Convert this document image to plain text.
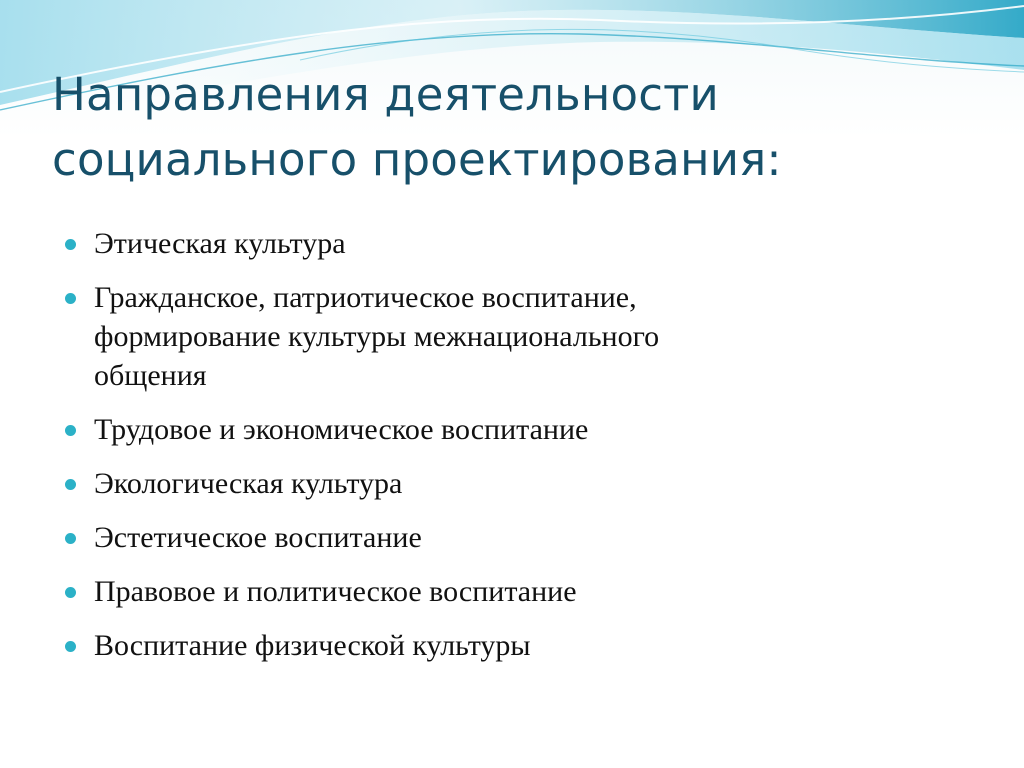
Направления деятельности
социального проектирования:
Этическая культура
Гражданское, патриотическое воспитание,
формирование культуры межнационального
общения
Трудовое и экономическое воспитание
Экологическая культура
Эстетическое воспитание
Правовое и политическое воспитание
Воспитание физической культуры
